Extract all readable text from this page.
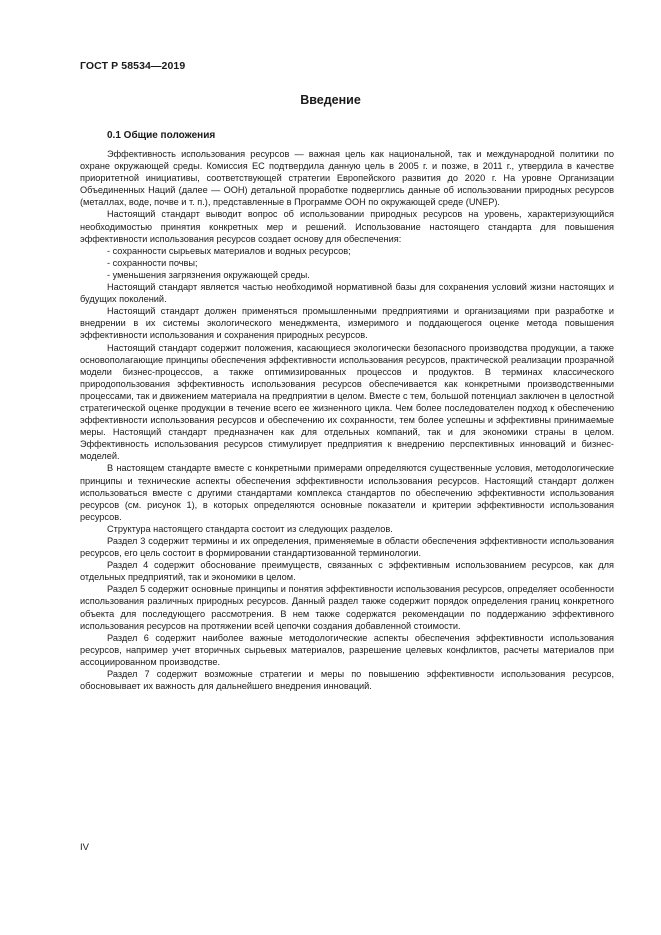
ГОСТ Р 58534—2019
Введение
0.1 Общие положения

Эффективность использования ресурсов — важная цель как национальной, так и международной политики по охране окружающей среды. Комиссия ЕС подтвердила данную цель в 2005 г. и позже, в 2011 г., утвердила в качестве приоритетной инициативы, соответствующей стратегии Европейского развития до 2020 г. На уровне Организации Объединенных Наций (далее — ООН) детальной проработке подверглись данные об использовании природных ресурсов (металлах, воде, почве и т. п.), представленные в Программе ООН по окружающей среде (UNEP).

Настоящий стандарт выводит вопрос об использовании природных ресурсов на уровень, характеризующийся необходимостью принятия конкретных мер и решений. Использование настоящего стандарта для повышения эффективности использования ресурсов создает основу для обеспечения:

- сохранности сырьевых материалов и водных ресурсов;

- сохранности почвы;

- уменьшения загрязнения окружающей среды.

Настоящий стандарт является частью необходимой нормативной базы для сохранения условий жизни настоящих и будущих поколений.

Настоящий стандарт должен применяться промышленными предприятиями и организациями при разработке и внедрении в их системы экологического менеджмента, измеримого и поддающегося оценке метода повышения эффективности использования и сохранения природных ресурсов.

Настоящий стандарт содержит положения, касающиеся экологически безопасного производства продукции, а также основополагающие принципы обеспечения эффективности использования ресурсов, практической реализации прозрачной модели бизнес-процессов, а также оптимизированных процессов и продуктов. В терминах классического природопользования эффективность использования ресурсов обеспечивается как конкретными производственными процессами, так и движением материала на предприятии в целом. Вместе с тем, большой потенциал заключен в целостной стратегической оценке продукции в течение всего ее жизненного цикла. Чем более последователен подход к обеспечению эффективности использования ресурсов и обеспечению их сохранности, тем более успешны и эффективны принимаемые меры. Настоящий стандарт предназначен как для отдельных компаний, так и для экономики страны в целом. Эффективность использования ресурсов стимулирует предприятия к внедрению перспективных инноваций и бизнес-моделей.

В настоящем стандарте вместе с конкретными примерами определяются существенные условия, методологические принципы и технические аспекты обеспечения эффективности использования ресурсов. Настоящий стандарт должен использоваться вместе с другими стандартами комплекса стандартов по обеспечению эффективности использования ресурсов (см. рисунок 1), в которых определяются основные показатели и критерии эффективности использования ресурсов.

Структура настоящего стандарта состоит из следующих разделов.

Раздел 3 содержит термины и их определения, применяемые в области обеспечения эффективности использования ресурсов, его цель состоит в формировании стандартизованной терминологии.

Раздел 4 содержит обоснование преимуществ, связанных с эффективным использованием ресурсов, как для отдельных предприятий, так и экономики в целом.

Раздел 5 содержит основные принципы и понятия эффективности использования ресурсов, определяет особенности использования различных природных ресурсов. Данный раздел также содержит порядок определения границ конкретного объекта для последующего рассмотрения. В нем также содержатся рекомендации по поддержанию эффективного использования ресурсов на протяжении всей цепочки создания добавленной стоимости.

Раздел 6 содержит наиболее важные методологические аспекты обеспечения эффективности использования ресурсов, например учет вторичных сырьевых материалов, разрешение целевых конфликтов, расчеты материалов при ассоциированном производстве.

Раздел 7 содержит возможные стратегии и меры по повышению эффективности использования ресурсов, обосновывает их важность для дальнейшего внедрения инноваций.

IV
